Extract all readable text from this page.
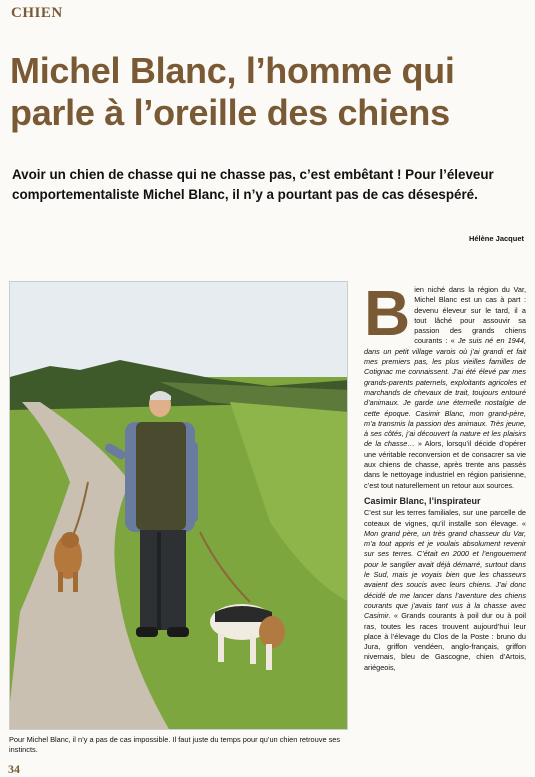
CHIEN
Michel Blanc, l’homme qui parle à l’oreille des chiens

Avoir un chien de chasse qui ne chasse pas, c’est embêtant ! Pour l’éleveur comportementaliste Michel Blanc, il n’y a pourtant pas de cas désespéré.

Hélène Jacquet

Pour Michel Blanc, il n’y a pas de cas impossible. Il faut juste du temps pour qu’un chien retrouve ses instincts.

34
B ien niché dans la région du Var, Michel Blanc est un cas à part : devenu éleveur sur le tard, il a tout lâché pour assouvir sa passion des grands chiens courants : « Je suis né en 1944, dans un petit village varois où j’ai grandi et fait mes premiers pas, les plus vieilles familles de Cotignac me connaissent. J’ai été élevé par mes grands-parents paternels, exploitants agricoles et marchands de chevaux de trait, toujours entouré d’animaux. Je garde une éternelle nostalgie de cette époque. Casimir Blanc, mon grand-père, m’a transmis la passion des animaux. Très jeune, à ses côtés, j’ai découvert la nature et les plaisirs de la chasse… » Alors, lorsqu’il décide d’opérer une véritable reconversion et de consacrer sa vie aux chiens de chasse, après trente ans passés dans le nettoyage industriel en région parisienne, c’est tout naturellement un retour aux sources.

Casimir Blanc, l’inspirateur

C’est sur les terres familiales, sur une parcelle de coteaux de vignes, qu’il installe son élevage. « Mon grand père, un très grand chasseur du Var, m’a tout appris et je voulais absolument revenir sur ses terres. C’était en 2000 et l’engouement pour le sanglier avait déjà démarré, surtout dans le Sud, mais je voyais bien que les chasseurs avaient des soucis avec leurs chiens. J’ai donc décidé de me lancer dans l’aventure des chiens courants que j’avais tant vus à la chasse avec Casimir. « Grands courants à poil dur ou à poil ras, toutes les races trouvent aujourd’hui leur place à l’élevage du Clos de la Poste : bruno du Jura, griffon vendéen, anglo-français, griffon nivernais, bleu de Gascogne, chien d’Artois, ariégeois,
